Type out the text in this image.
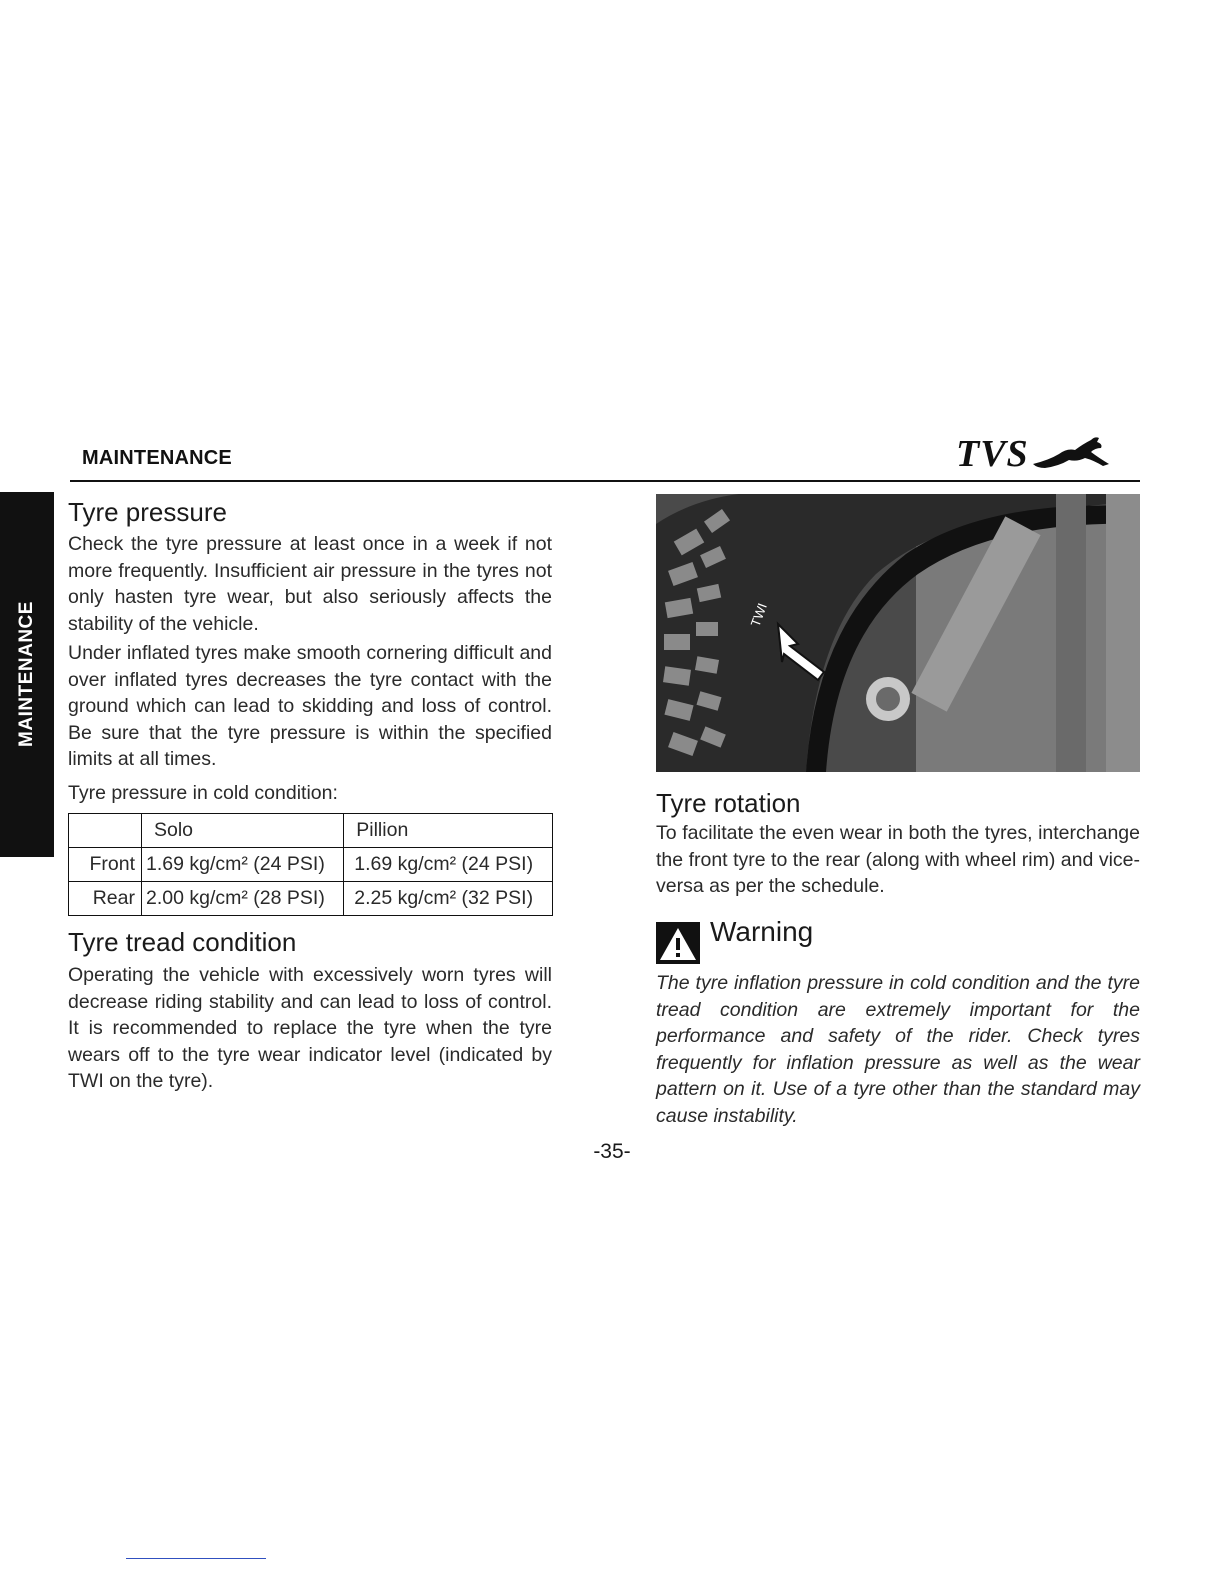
MAINTENANCE	TVS
MAINTENANCE
Tyre pressure

Check the tyre pressure at least once in a week if not more frequently. Insufficient air pressure in the tyres not only hasten tyre wear, but also seriously affects the stability of the vehicle.

Under inflated tyres make smooth cornering difficult and over inflated tyres decreases the tyre contact with the ground which can lead to skidding and loss of control. Be sure that the tyre pressure is within the specified limits at all times.

Tyre pressure in cold condition:

	Solo	Pillion
Front	1.69 kg/cm² (24 PSI)	1.69 kg/cm² (24 PSI)
Rear	2.00 kg/cm² (28 PSI)	2.25 kg/cm² (32 PSI)
Tyre tread condition

Operating the vehicle with excessively worn tyres will decrease riding stability and can lead to loss of control. It is recommended to replace the tyre when the tyre wears off to the tyre wear indicator level (indicated by TWI on the tyre).

TWI
Tyre rotation

To facilitate the even wear in both the tyres, interchange the front tyre to the rear (along with wheel rim) and vice-versa as per the schedule.

Warning

The tyre inflation pressure in cold condition and the tyre tread condition are extremely important for the performance and safety of the rider. Check tyres frequently for inflation pressure as well as the wear pattern on it. Use of a tyre other than the standard may cause instability.

-35-
